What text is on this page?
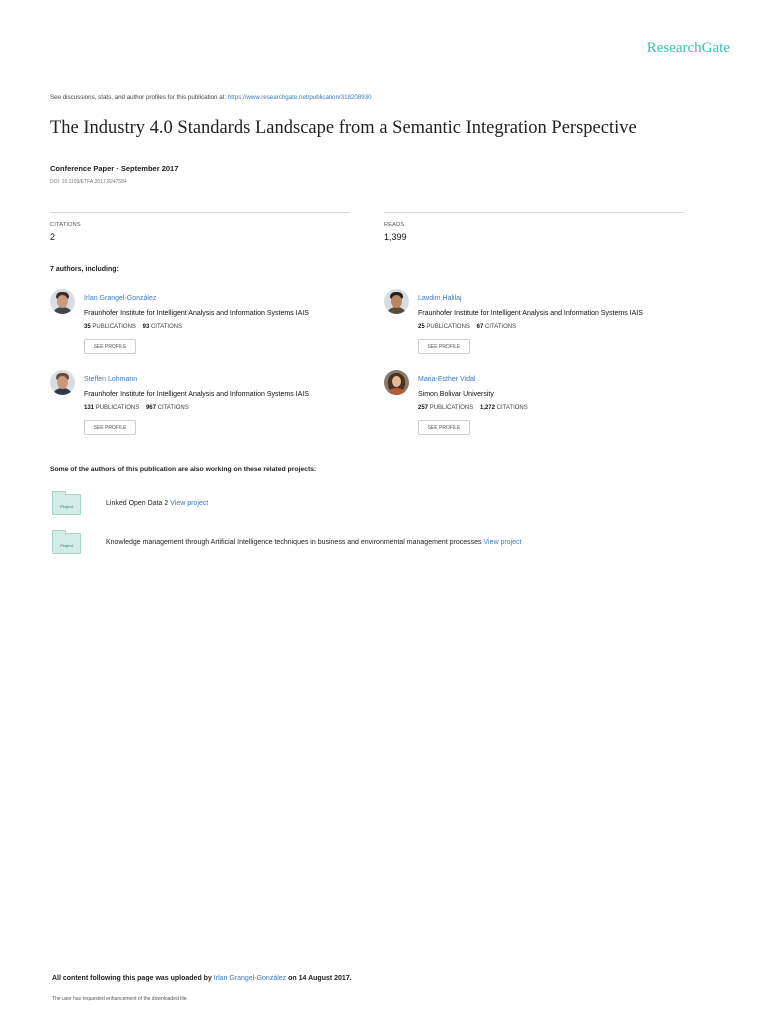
ResearchGate
See discussions, stats, and author profiles for this publication at: https://www.researchgate.net/publication/318208930
The Industry 4.0 Standards Landscape from a Semantic Integration Perspective
Conference Paper · September 2017
DOI: 10.1109/ETFA.2017.8247584
CITATIONS
2
READS
1,399
7 authors, including:
Irlan Grangel-González
Fraunhofer Institute for Intelligent Analysis and Information Systems IAIS
35 PUBLICATIONS 93 CITATIONS
SEE PROFILE
Lavdim Halilaj
Fraunhofer Institute for Intelligent Analysis and Information Systems IAIS
25 PUBLICATIONS 67 CITATIONS
SEE PROFILE
Steffen Lohmann
Fraunhofer Institute for Intelligent Analysis and Information Systems IAIS
131 PUBLICATIONS 967 CITATIONS
SEE PROFILE
Maria-Esther Vidal
Simon Bolivar University
257 PUBLICATIONS 1,272 CITATIONS
SEE PROFILE
Some of the authors of this publication are also working on these related projects:
Project	Linked Open Data 2 View project
Project	Knowledge management through Artificial Intelligence techniques in business and environmental management processes View project
All content following this page was uploaded by Irlan Grangel-González on 14 August 2017.
The user has requested enhancement of the downloaded file.
